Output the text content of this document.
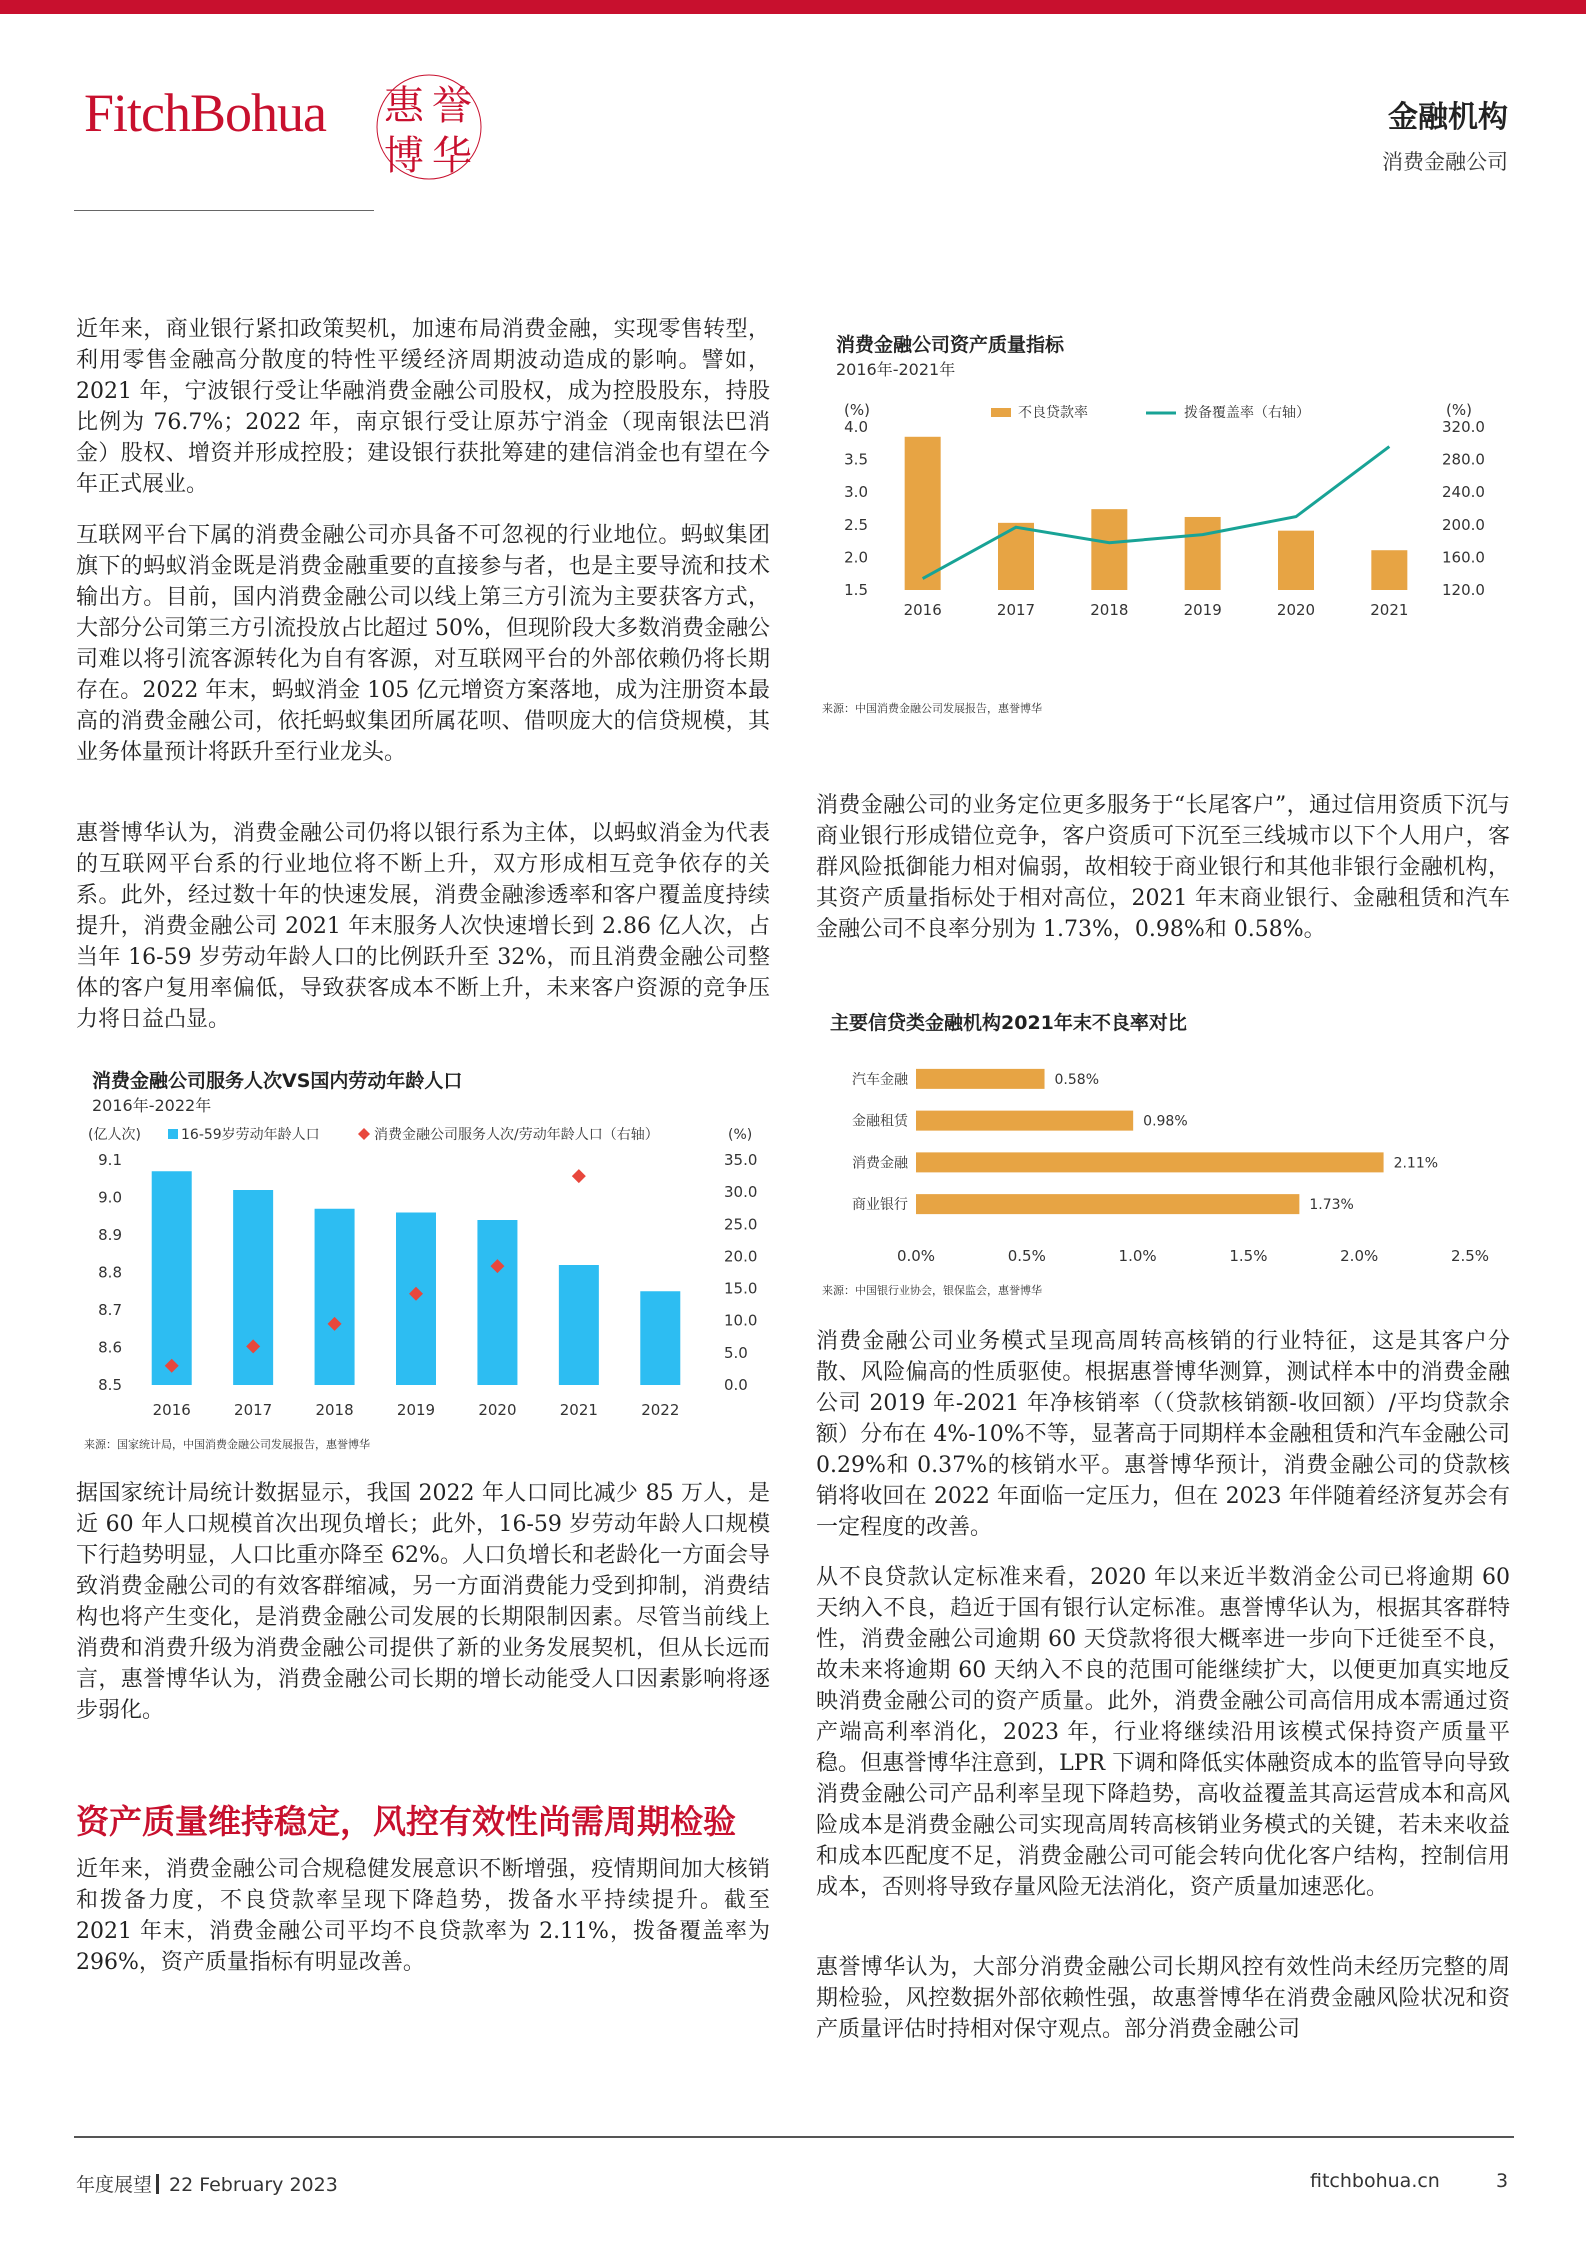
FitchBohua 惠 誉
博 华
金融机构
消费金融公司

近年来，商业银行紧扣政策契机，加速布局消费金融，实现零售转型，利用零售金融高分散度的特性平缓经济周期波动造成的影响。譬如，2021 年，宁波银行受让华融消费金融公司股权，成为控股股东，持股比例为 76.7%；2022 年，南京银行受让原苏宁消金（现南银法巴消金）股权、增资并形成控股；建设银行获批筹建的建信消金也有望在今年正式展业。

互联网平台下属的消费金融公司亦具备不可忽视的行业地位。蚂蚁集团旗下的蚂蚁消金既是消费金融重要的直接参与者，也是主要导流和技术输出方。目前，国内消费金融公司以线上第三方引流为主要获客方式，大部分公司第三方引流投放占比超过 50%，但现阶段大多数消费金融公司难以将引流客源转化为自有客源，对互联网平台的外部依赖仍将长期存在。2022 年末，蚂蚁消金 105 亿元增资方案落地，成为注册资本最高的消费金融公司，依托蚂蚁集团所属花呗、借呗庞大的信贷规模，其业务体量预计将跃升至行业龙头。

惠誉博华认为，消费金融公司仍将以银行系为主体，以蚂蚁消金为代表的互联网平台系的行业地位将不断上升，双方形成相互竞争依存的关系。此外，经过数十年的快速发展，消费金融渗透率和客户覆盖度持续提升，消费金融公司 2021 年末服务人次快速增长到 2.86 亿人次，占当年 16-59 岁劳动年龄人口的比例跃升至 32%，而且消费金融公司整体的客户复用率偏低，导致获客成本不断上升，未来客户资源的竞争压力将日益凸显。

消费金融公司服务人次VS国内劳动年龄人口
2016年-2022年
(亿人次)	16-59岁劳动年龄人口	消费金融公司服务人次/劳动年龄人口（右轴）	(%)
8.5
8.6
8.7
8.8
8.9
9.0
9.1
0.0
5.0
10.0
15.0
20.0
25.0
30.0
35.0
2016	2017	2018	2019	2020	2021	2022
来源：国家统计局，中国消费金融公司发展报告，惠誉博华

据国家统计局统计数据显示，我国 2022 年人口同比减少 85 万人，是近 60 年人口规模首次出现负增长；此外，16-59 岁劳动年龄人口规模下行趋势明显，人口比重亦降至 62%。人口负增长和老龄化一方面会导致消费金融公司的有效客群缩减，另一方面消费能力受到抑制，消费结构也将产生变化，是消费金融公司发展的长期限制因素。尽管当前线上消费和消费升级为消费金融公司提供了新的业务发展契机，但从长远而言，惠誉博华认为，消费金融公司长期的增长动能受人口因素影响将逐步弱化。

资产质量维持稳定，风控有效性尚需周期检验

近年来，消费金融公司合规稳健发展意识不断增强，疫情期间加大核销和拨备力度，不良贷款率呈现下降趋势，拨备水平持续提升。截至 2021 年末，消费金融公司平均不良贷款率为 2.11%，拨备覆盖率为 296%，资产质量指标有明显改善。

消费金融公司资产质量指标
2016年-2021年
(%)	(%)
不良贷款率	拨备覆盖率（右轴）
1.5
2.0
2.5
3.0
3.5
4.0
120.0
160.0
200.0
240.0
280.0
320.0
2016	2017	2018	2019	2020	2021
来源：中国消费金融公司发展报告，惠誉博华

消费金融公司的业务定位更多服务于“长尾客户”，通过信用资质下沉与商业银行形成错位竞争，客户资质可下沉至三线城市以下个人用户，客群风险抵御能力相对偏弱，故相较于商业银行和其他非银行金融机构，其资产质量指标处于相对高位，2021 年末商业银行、金融租赁和汽车金融公司不良率分别为 1.73%，0.98%和 0.58%。

主要信贷类金融机构2021年末不良率对比
汽车金融	0.58%
金融租赁	0.98%
消费金融	2.11%
商业银行	1.73%
0.0%	0.5%	1.0%	1.5%	2.0%	2.5%
来源：中国银行业协会，银保监会，惠誉博华

消费金融公司业务模式呈现高周转高核销的行业特征，这是其客户分散、风险偏高的性质驱使。根据惠誉博华测算，测试样本中的消费金融公司 2019 年-2021 年净核销率（（贷款核销额-收回额）/平均贷款余额）分布在 4%-10%不等，显著高于同期样本金融租赁和汽车金融公司 0.29%和 0.37%的核销水平。惠誉博华预计，消费金融公司的贷款核销将收回在 2022 年面临一定压力，但在 2023 年伴随着经济复苏会有一定程度的改善。

从不良贷款认定标准来看，2020 年以来近半数消金公司已将逾期 60 天纳入不良，趋近于国有银行认定标准。惠誉博华认为，根据其客群特性，消费金融公司逾期 60 天贷款将很大概率进一步向下迁徙至不良，故未来将逾期 60 天纳入不良的范围可能继续扩大，以便更加真实地反映消费金融公司的资产质量。此外，消费金融公司高信用成本需通过资产端高利率消化，2023 年，行业将继续沿用该模式保持资产质量平稳。但惠誉博华注意到，LPR 下调和降低实体融资成本的监管导向导致消费金融公司产品利率呈现下降趋势，高收益覆盖其高运营成本和高风险成本是消费金融公司实现高周转高核销业务模式的关键，若未来收益和成本匹配度不足，消费金融公司可能会转向优化客户结构，控制信用成本，否则将导致存量风险无法消化，资产质量加速恶化。

惠誉博华认为，大部分消费金融公司长期风控有效性尚未经历完整的周期检验，风控数据外部依赖性强，故惠誉博华在消费金融风险状况和资产质量评估时持相对保守观点。部分消费金融公司

年度展望 22 February 2023	fitchbohua.cn	3
